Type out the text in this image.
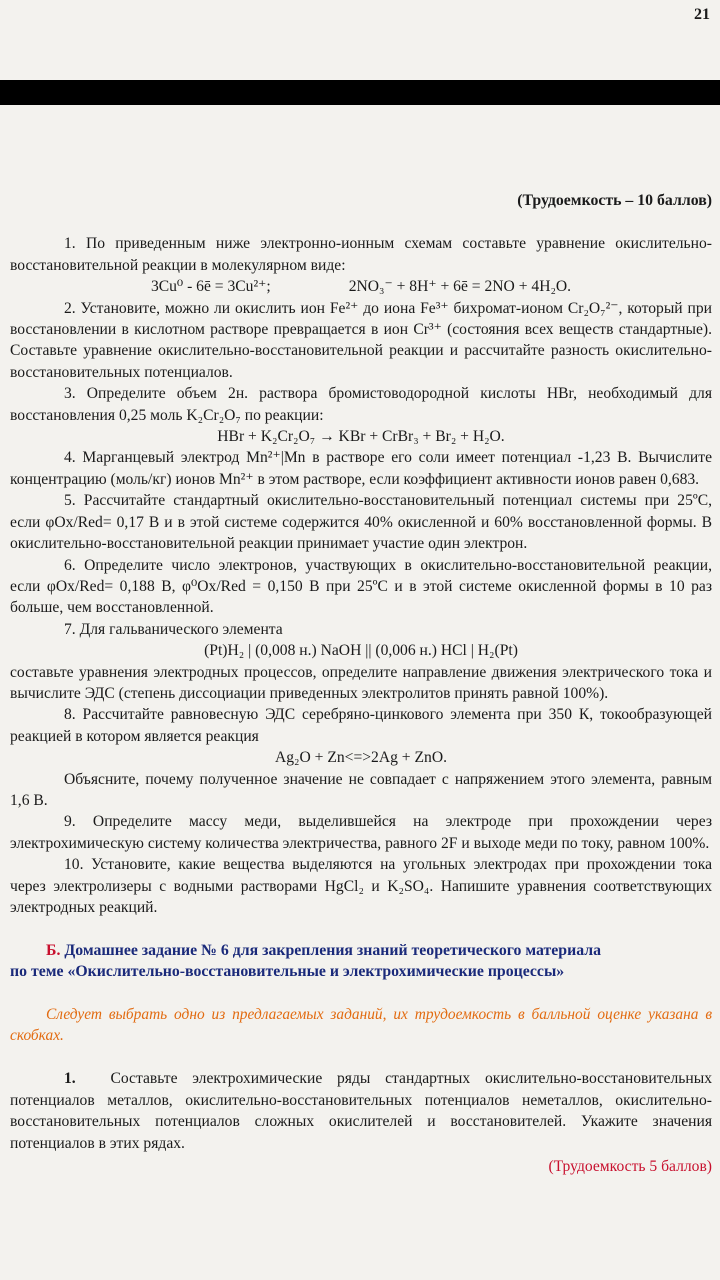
21
(Трудоемкость – 10 баллов)

1. По приведенным ниже электронно-ионным схемам составьте уравнение окислительно-восстановительной реакции в молекулярном виде:

3Cu⁰ - 6ē = 3Cu²⁺;	2NO₃⁻ + 8H⁺ + 6ē = 2NO + 4H₂O.

2. Установите, можно ли окислить ион Fe²⁺ до иона Fe³⁺ бихромат-ионом Cr₂O₇²⁻, который при восстановлении в кислотном растворе превращается в ион Cr³⁺ (состояния всех веществ стандартные). Составьте уравнение окислительно-восстановительной реакции и рассчитайте разность окислительно-восстановительных потенциалов.

3. Определите объем 2н. раствора бромистоводородной кислоты HBr, необходимый для восстановления 0,25 моль K₂Cr₂O₇ по реакции:

HBr + K₂Cr₂O₇ → KBr + CrBr₃ + Br₂ + H₂O.

4. Марганцевый электрод Mn²⁺|Mn в растворе его соли имеет потенциал -1,23 В. Вычислите концентрацию (моль/кг) ионов Mn²⁺ в этом растворе, если коэффициент активности ионов равен 0,683.

5. Рассчитайте стандартный окислительно-восстановительный потенциал системы при 25ºC, если φOx/Red= 0,17 В и в этой системе содержится 40% окисленной и 60% восстановленной формы. В окислительно-восстановительной реакции принимает участие один электрон.

6. Определите число электронов, участвующих в окислительно-восстановительной реакции, если φOx/Red= 0,188 В, φ⁰Ox/Red = 0,150 В при 25ºC и в этой системе окисленной формы в 10 раз больше, чем восстановленной.

7. Для гальванического элемента

(Pt)H₂ | (0,008 н.) NaOH || (0,006 н.) HCl | H₂(Pt)

составьте уравнения электродных процессов, определите направление движения электрического тока и вычислите ЭДС (степень диссоциации приведенных электролитов принять равной 100%).

8. Рассчитайте равновесную ЭДС серебряно-цинкового элемента при 350 К, токообразующей реакцией в котором является реакция

Ag₂O + Zn<=>2Ag + ZnO.

Объясните, почему полученное значение не совпадает с напряжением этого элемента, равным 1,6 В.

9. Определите массу меди, выделившейся на электроде при прохождении через электрохимическую систему количества электричества, равного 2F и выходе меди по току, равном 100%.

10. Установите, какие вещества выделяются на угольных электродах при прохождении тока через электролизеры с водными растворами HgCl₂ и K₂SO₄. Напишите уравнения соответствующих электродных реакций.

Б. Домашнее задание № 6 для закрепления знаний теоретического материала
по теме «Окислительно-восстановительные и электрохимические процессы»

Следует выбрать одно из предлагаемых заданий, их трудоемкость в балльной оценке указана в скобках.

1. Составьте электрохимические ряды стандартных окислительно-восстановительных потенциалов металлов, окислительно-восстановительных потенциалов неметаллов, окислительно-восстановительных потенциалов сложных окислителей и восстановителей. Укажите значения потенциалов в этих рядах.

(Трудоемкость 5 баллов)
